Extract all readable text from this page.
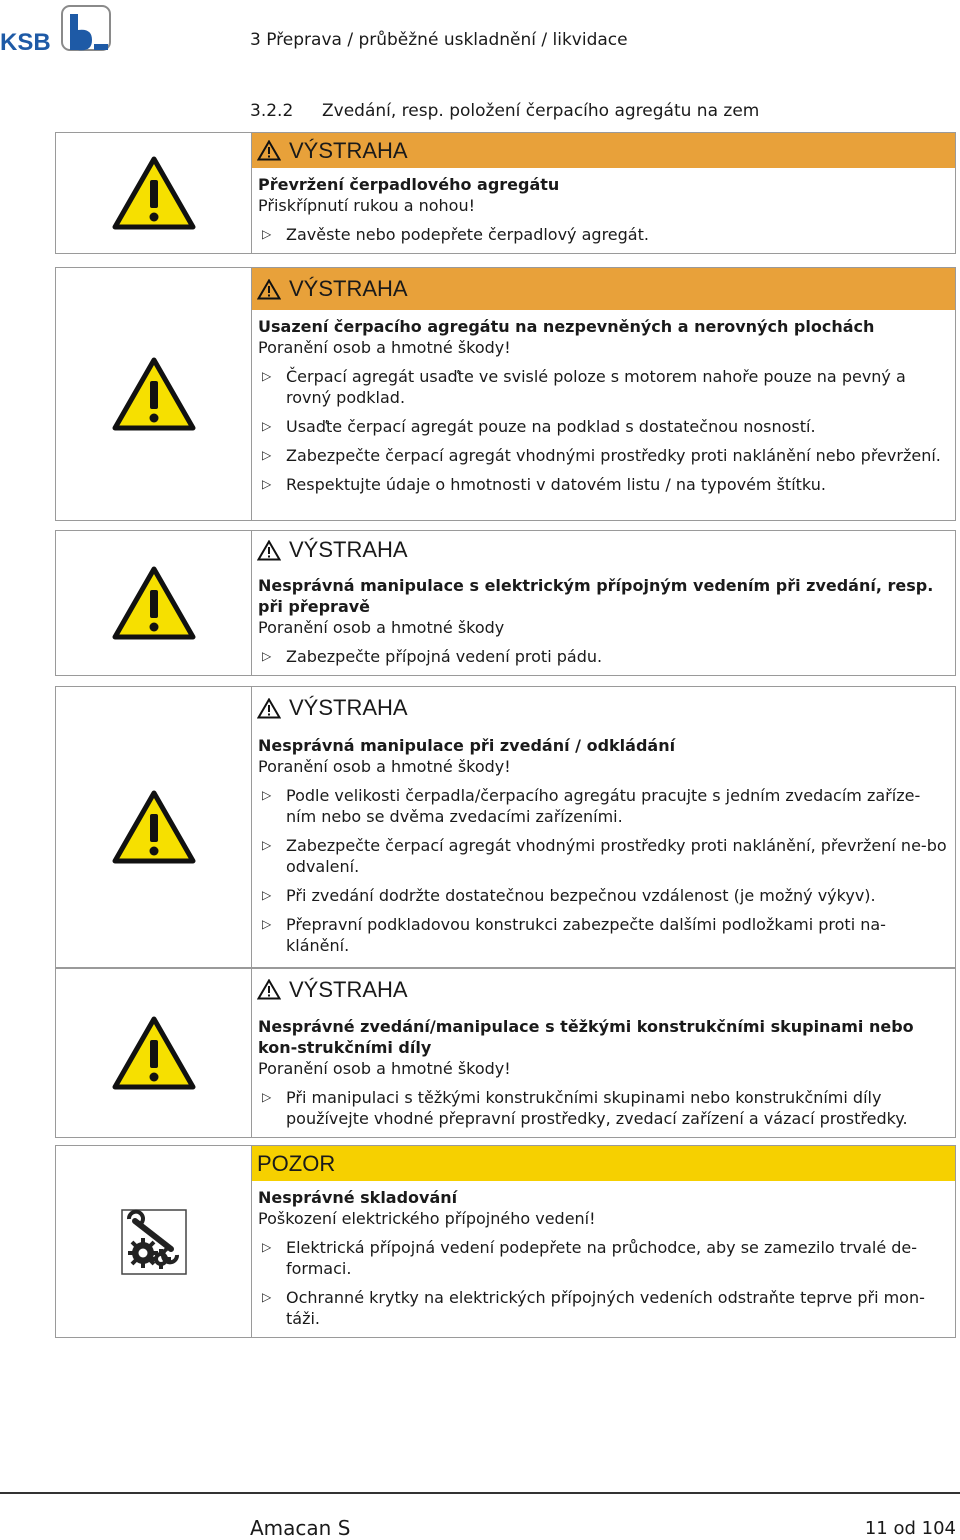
KSB	3 Přeprava / průběžné uskladnění / likvidace
3.2.2 Zvedání, resp. položení čerpacího agregátu na zem
VÝSTRAHA
Převržení čerpadlového agregátu
Přiskřípnutí rukou a nohou!
▷ Zavěste nebo podepřete čerpadlový agregát.
VÝSTRAHA
Usazení čerpacího agregátu na nezpevněných a nerovných plochách
Poranění osob a hmotné škody!
▷ Čerpací agregát usaďte ve svislé poloze s motorem nahoře pouze na pevný a rovný podklad.
▷ Usaďte čerpací agregát pouze na podklad s dostatečnou nosností.
▷ Zabezpečte čerpací agregát vhodnými prostředky proti naklánění nebo převržení.
▷ Respektujte údaje o hmotnosti v datovém listu / na typovém štítku.
VÝSTRAHA
Nesprávná manipulace s elektrickým přípojným vedením při zvedání, resp. při přepravě
Poranění osob a hmotné škody
▷ Zabezpečte přípojná vedení proti pádu.
VÝSTRAHA
Nesprávná manipulace při zvedání / odkládání
Poranění osob a hmotné škody!
▷ Podle velikosti čerpadla/čerpacího agregátu pracujte s jedním zvedacím zaříze-ním nebo se dvěma zvedacími zařízeními.
▷ Zabezpečte čerpací agregát vhodnými prostředky proti naklánění, převržení ne-bo odvalení.
▷ Při zvedání dodržte dostatečnou bezpečnou vzdálenost (je možný výkyv).
▷ Přepravní podkladovou konstrukci zabezpečte dalšími podložkami proti na-klánění.
VÝSTRAHA
Nesprávné zvedání/manipulace s těžkými konstrukčními skupinami nebo kon-strukčními díly
Poranění osob a hmotné škody!
▷ Při manipulaci s těžkými konstrukčními skupinami nebo konstrukčními díly používejte vhodné přepravní prostředky, zvedací zařízení a vázací prostředky.
POZOR
Nesprávné skladování
Poškození elektrického přípojného vedení!
▷ Elektrická přípojná vedení podepřete na průchodce, aby se zamezilo trvalé de-formaci.
▷ Ochranné krytky na elektrických přípojných vedeních odstraňte teprve při mon-táži.
Amacan S	11 od 104
